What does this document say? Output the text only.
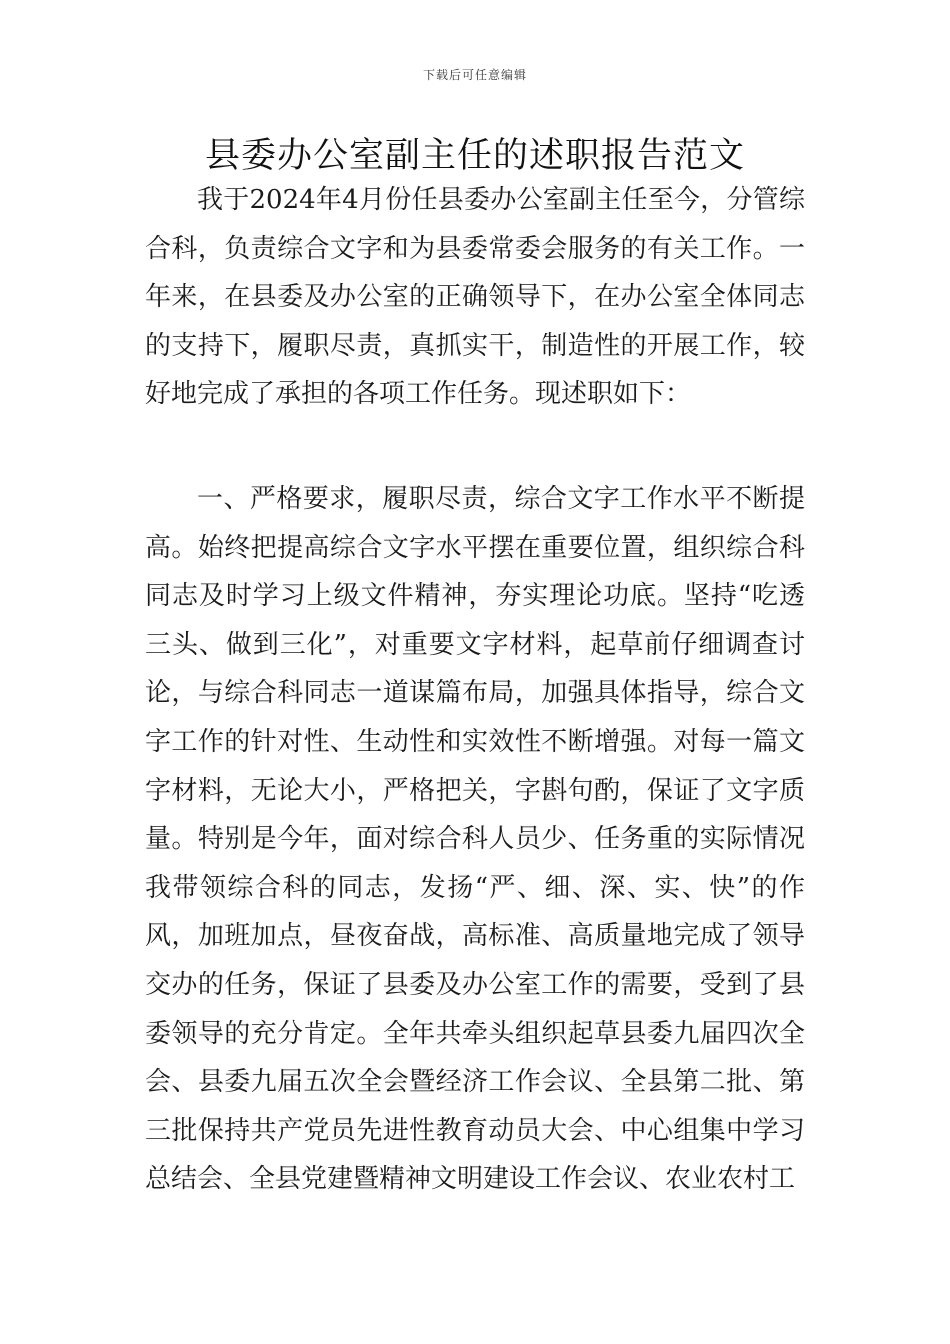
下载后可任意编辑
县委办公室副主任的述职报告范文

我于2024年4月份任县委办公室副主任至今，分管综合科，负责综合文字和为县委常委会服务的有关工作。一年来，在县委及办公室的正确领导下，在办公室全体同志的支持下，履职尽责，真抓实干，制造性的开展工作，较好地完成了承担的各项工作任务。现述职如下：

一、严格要求，履职尽责，综合文字工作水平不断提高。始终把提高综合文字水平摆在重要位置，组织综合科同志及时学习上级文件精神，夯实理论功底。坚持“吃透三头、做到三化”，对重要文字材料，起草前仔细调查讨论，与综合科同志一道谋篇布局，加强具体指导，综合文字工作的针对性、生动性和实效性不断增强。对每一篇文字材料，无论大小，严格把关，字斟句酌，保证了文字质量。特别是今年，面对综合科人员少、任务重的实际情况我带领综合科的同志，发扬“严、细、深、实、快”的作风，加班加点，昼夜奋战，高标准、高质量地完成了领导交办的任务，保证了县委及办公室工作的需要，受到了县委领导的充分肯定。全年共牵头组织起草县委九届四次全会、县委九届五次全会暨经济工作会议、全县第二批、第三批保持共产党员先进性教育动员大会、中心组集中学习总结会、全县党建暨精神文明建设工作会议、农业农村工
